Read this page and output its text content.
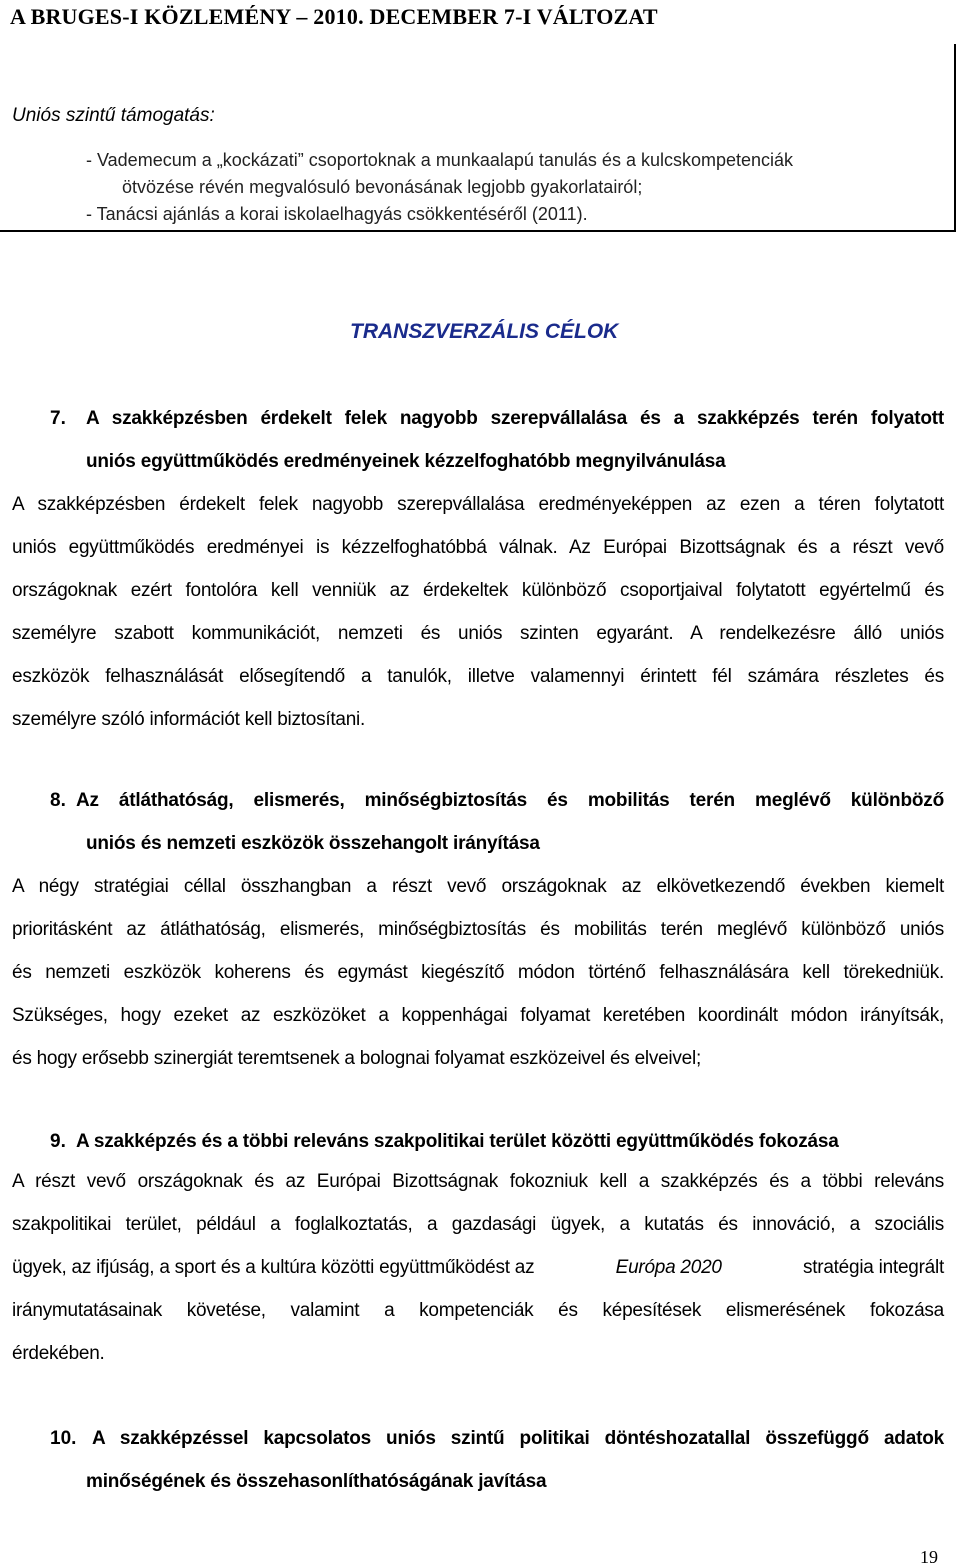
A BRUGES-I KÖZLEMÉNY – 2010. DECEMBER 7-I VÁLTOZAT
Uniós szintű támogatás:
- Vademecum a „kockázati” csoportoknak a munkaalapú tanulás és a kulcskompetenciák
ötvözése révén megvalósuló bevonásának legjobb gyakorlatairól;
- Tanácsi ajánlás a korai iskolaelhagyás csökkentéséről (2011).
TRANSZVERZÁLIS CÉLOK
7. A szakképzésben érdekelt felek nagyobb szerepvállalása és a szakképzés terén folyatott
uniós együttműködés eredményeinek kézzelfoghatóbb megnyilvánulása
A szakképzésben érdekelt felek nagyobb szerepvállalása eredményeképpen az ezen a téren folytatott
uniós együttműködés eredményei is kézzelfoghatóbbá válnak. Az Európai Bizottságnak és a részt vevő
országoknak ezért fontolóra kell venniük az érdekeltek különböző csoportjaival folytatott egyértelmű és
személyre szabott kommunikációt, nemzeti és uniós szinten egyaránt. A rendelkezésre álló uniós
eszközök felhasználását elősegítendő a tanulók, illetve valamennyi érintett fél számára részletes és
személyre szóló információt kell biztosítani.
8. Az átláthatóság, elismerés, minőségbiztosítás és mobilitás terén meglévő különböző
uniós és nemzeti eszközök összehangolt irányítása
A négy stratégiai céllal összhangban a részt vevő országoknak az elkövetkezendő években kiemelt
prioritásként az átláthatóság, elismerés, minőségbiztosítás és mobilitás terén meglévő különböző uniós
és nemzeti eszközök koherens és egymást kiegészítő módon történő felhasználására kell törekedniük.
Szükséges, hogy ezeket az eszközöket a koppenhágai folyamat keretében koordinált módon irányítsák,
és hogy erősebb szinergiát teremtsenek a bolognai folyamat eszközeivel és elveivel;
9. A szakképzés és a többi releváns szakpolitikai terület közötti együttműködés fokozása
A részt vevő országoknak és az Európai Bizottságnak fokozniuk kell a szakképzés és a többi releváns
szakpolitikai terület, például a foglalkoztatás, a gazdasági ügyek, a kutatás és innováció, a szociális
ügyek, az ifjúság, a sport és a kultúra közötti együttműködést az	Európa 2020	stratégia integrált
iránymutatásainak követése, valamint a kompetenciák és képesítések elismerésének fokozása
érdekében.
10. A szakképzéssel kapcsolatos uniós szintű politikai döntéshozatallal összefüggő adatok
minőségének és összehasonlíthatóságának javítása
19
